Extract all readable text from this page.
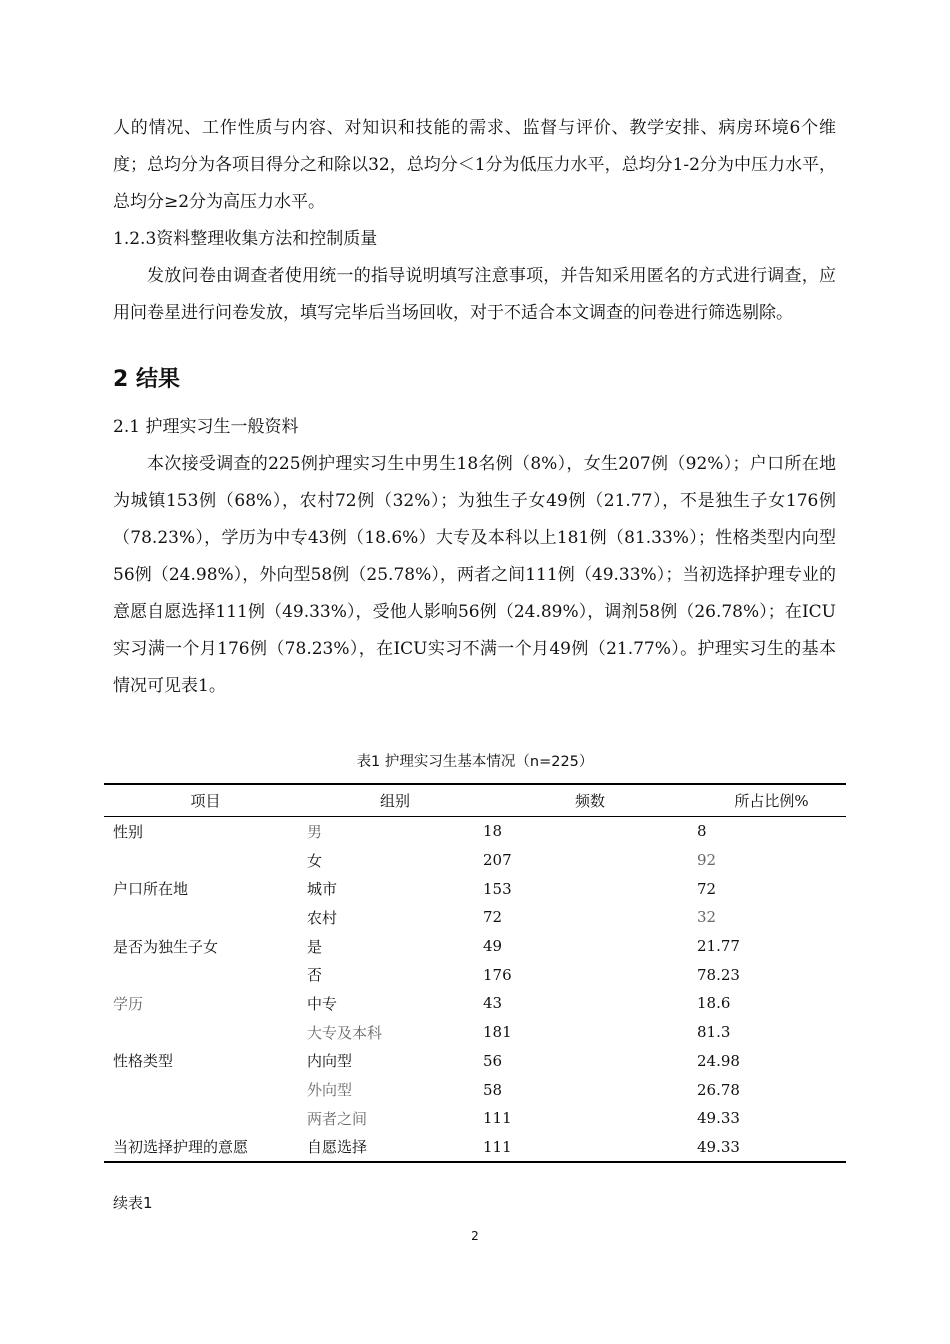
人的情况、工作性质与内容、对知识和技能的需求、监督与评价、教学安排、病房环境6个维度；总均分为各项目得分之和除以32，总均分＜1分为低压力水平，总均分1-2分为中压力水平，总均分≥2分为高压力水平。
1.2.3资料整理收集方法和控制质量
发放问卷由调查者使用统一的指导说明填写注意事项，并告知采用匿名的方式进行调查，应用问卷星进行问卷发放，填写完毕后当场回收，对于不适合本文调查的问卷进行筛选剔除。
2 结果
2.1 护理实习生一般资料
本次接受调查的225例护理实习生中男生18名例（8%），女生207例（92%）；户口所在地为城镇153例（68%），农村72例（32%）；为独生子女49例（21.77），不是独生子女176例（78.23%），学历为中专43例（18.6%）大专及本科以上181例（81.33%）；性格类型内向型56例（24.98%），外向型58例（25.78%），两者之间111例（49.33%）；当初选择护理专业的意愿自愿选择111例（49.33%），受他人影响56例（24.89%），调剂58例（26.78%）；在ICU实习满一个月176例（78.23%），在ICU实习不满一个月49例（21.77%）。护理实习生的基本情况可见表1。
表1 护理实习生基本情况（n=225）
项目	组别	频数	所占比例%
性别	男	18	8
	女	207	92
户口所在地	城市	153	72
	农村	72	32
是否为独生子女	是	49	21.77
	否	176	78.23
学历	中专	43	18.6
	大专及本科	181	81.3
性格类型	内向型	56	24.98
	外向型	58	26.78
	两者之间	111	49.33
当初选择护理的意愿	自愿选择	111	49.33
续表1
2
